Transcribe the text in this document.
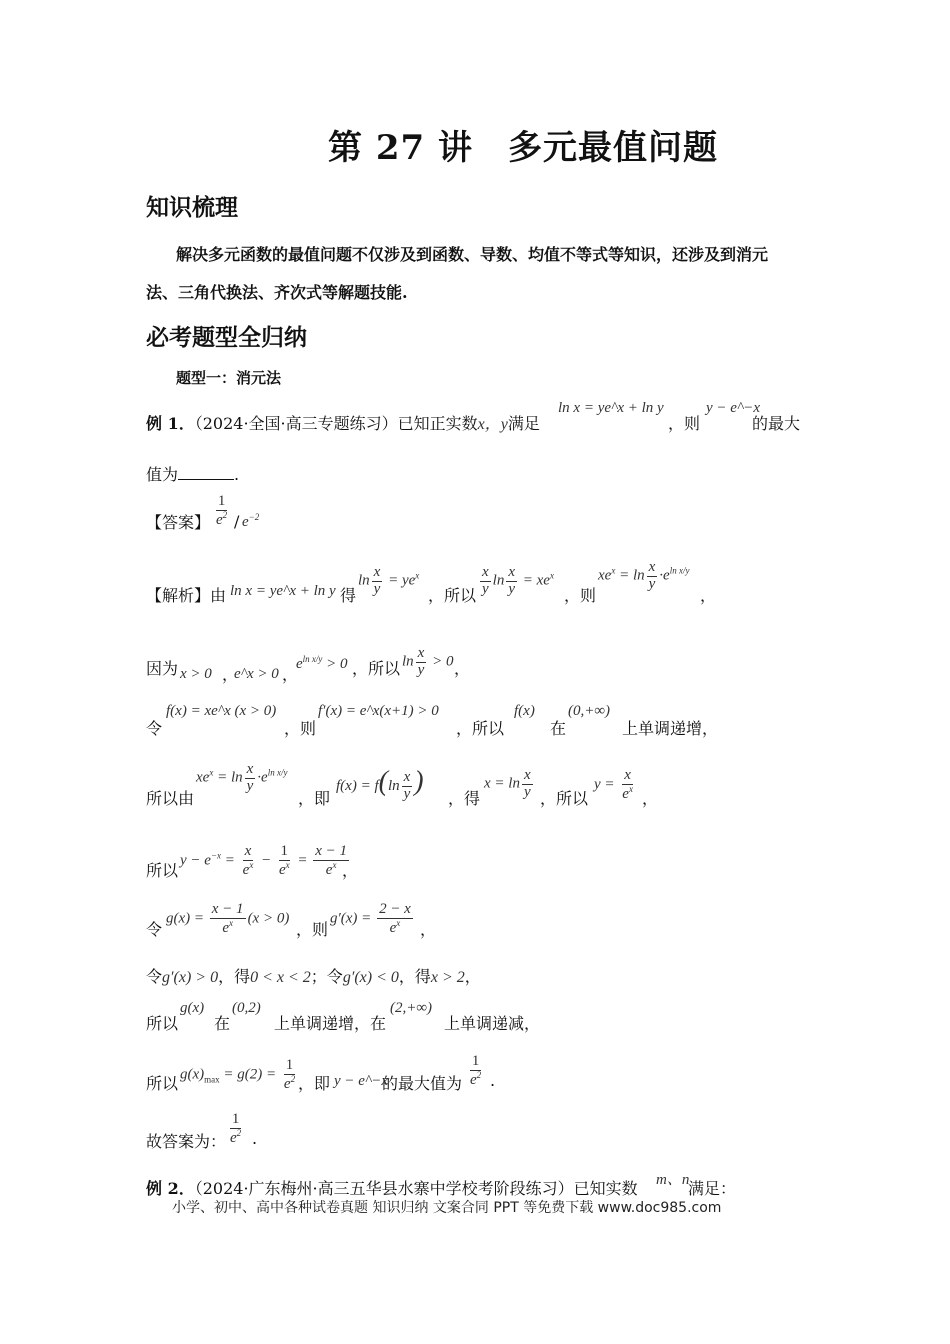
第 27 讲　多元最值问题
知识梳理
解决多元函数的最值问题不仅涉及到函数、导数、均值不等式等知识，还涉及到消元
法、三角代换法、齐次式等解题技能.
必考题型全归纳
题型一：消元法
例 1．（2024·全国·高三专题练习）已知正实数x，y满足
ln x = ye^x + ln y
，则
y − e^−x
的最大
值为	.
【答案】 $\frac{1}{e^2} / e^{-2}$
【解析】由 ln x = ye^x + ln y 得
$\ln \frac{x}{y} = ye^x$
，所以 $\frac{x}{y}$ $\ln \frac{x}{y} = xe^x$
，则
$xe^x = \ln \frac{x}{y} \cdot e^{ln x/y}$
，
因为 x > 0 ，
e^x > 0 ，
$e^{ln x/y} > 0$ ，所以 $\ln \frac{x}{y} > 0$ ，
令
f(x) = xe^x (x > 0)
，则
f′(x) = e^x(x+1) > 0
，所以
f(x)
在
(0,+∞)
上单调递增，
所以由
$xe^x = \ln \frac{x}{y} \cdot e^{ln x/y}$
，即
$f(x) = f(\ln \frac{x}{y}$ )
，得
$x = \ln \frac{x}{y}$ ，所以
$y = \frac{x}{e^x}$ ，
所以
$y - e^{-x} = \frac{x}{e^x} - \frac{1}{e^x} = \frac{x - 1}{e^x}$
，
令
$g(x) = \frac{x - 1}{e^x} (x > 0)$
，则
$g'(x) = \frac{2 - x}{e^x}$ ，
令g′(x) > 0，得0 < x < 2；令g′(x) < 0，得x > 2，
所以
g(x)
在
(0,2)
上单调递增，在
(2,+∞)
上单调递减，
所以 $g(x)_{max} = g(2) = \frac{1}{e^2}$ ，即 y − e^−x
的最大值为 $\frac{1}{e^2}$ .
故答案为： $\frac{1}{e^2}$ .
例 2．（2024·广东梅州·高三五华县水寨中学校考阶段练习）已知实数 m、n
满足：
小学、初中、高中各种试卷真题 知识归纳 文案合同 PPT 等免费下载 www.doc985.com
